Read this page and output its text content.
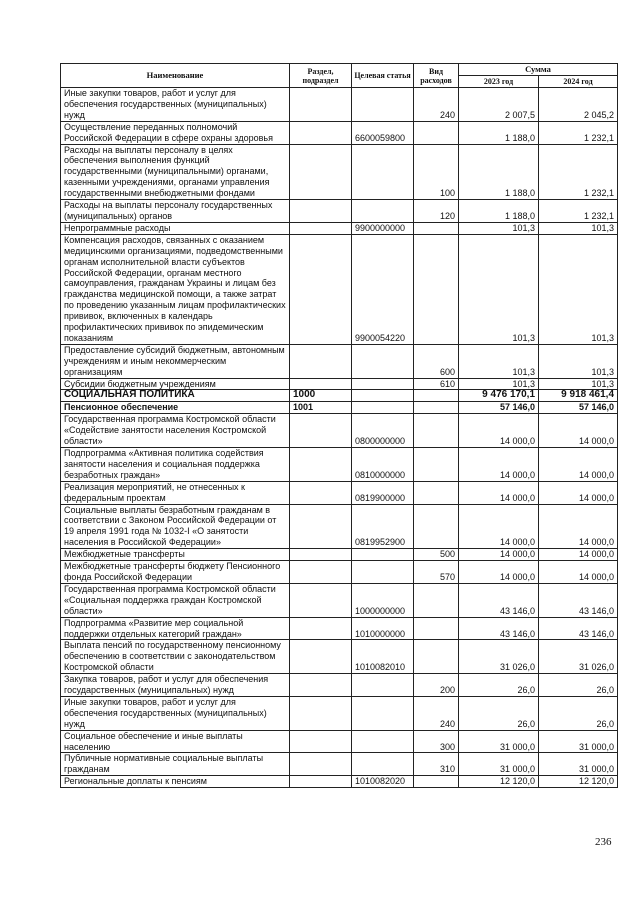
Наименование	Раздел, подраздел	Целевая статья	Вид расходов	Сумма	
				2023 год	2024 год
Иные закупки товаров, работ и услуг для обеспечения государственных (муниципальных) нужд			240	2 007,5	2 045,2
Осуществление переданных полномочий Российской Федерации в сфере охраны здоровья		6600059800		1 188,0	1 232,1
Расходы на выплаты персоналу в целях обеспечения выполнения функций государственными (муниципальными) органами, казенными учреждениями, органами управления государственными внебюджетными фондами			100	1 188,0	1 232,1
Расходы на выплаты персоналу государственных (муниципальных) органов			120	1 188,0	1 232,1
Непрограммные расходы		9900000000		101,3	101,3
Компенсация расходов, связанных с оказанием медицинскими организациями, подведомственными органам исполнительной власти субъектов Российской Федерации, органам местного самоуправления, гражданам Украины и лицам без гражданства медицинской помощи, а также затрат по проведению указанным лицам профилактических прививок, включенных в календарь профилактических прививок по эпидемическим показаниям		9900054220		101,3	101,3
Предоставление субсидий бюджетным, автономным учреждениям и иным некоммерческим организациям			600	101,3	101,3
Субсидии бюджетным учреждениям			610	101,3	101,3
СОЦИАЛЬНАЯ ПОЛИТИКА	1000			9 476 170,1	9 918 461,4
Пенсионное обеспечение	1001			57 146,0	57 146,0
Государственная программа Костромской области «Содействие занятости населения Костромской области»		0800000000		14 000,0	14 000,0
Подпрограмма «Активная политика содействия занятости населения и социальная поддержка безработных граждан»		0810000000		14 000,0	14 000,0
Реализация мероприятий, не отнесенных к федеральным проектам		0819900000		14 000,0	14 000,0
Социальные выплаты безработным гражданам в соответствии с Законом Российской Федерации от 19 апреля 1991 года № 1032-I «О занятости населения в Российской Федерации»		0819952900		14 000,0	14 000,0
Межбюджетные трансферты			500	14 000,0	14 000,0
Межбюджетные трансферты бюджету Пенсионного фонда Российской Федерации			570	14 000,0	14 000,0
Государственная программа Костромской области «Социальная поддержка граждан Костромской области»		1000000000		43 146,0	43 146,0
Подпрограмма «Развитие мер социальной поддержки отдельных категорий граждан»		1010000000		43 146,0	43 146,0
Выплата пенсий по государственному пенсионному обеспечению в соответствии с законодательством Костромской области		1010082010		31 026,0	31 026,0
Закупка товаров, работ и услуг для обеспечения государственных (муниципальных) нужд			200	26,0	26,0
Иные закупки товаров, работ и услуг для обеспечения государственных (муниципальных) нужд			240	26,0	26,0
Социальное обеспечение и иные выплаты населению			300	31 000,0	31 000,0
Публичные нормативные социальные выплаты гражданам			310	31 000,0	31 000,0
Региональные доплаты к пенсиям		1010082020		12 120,0	12 120,0
236
